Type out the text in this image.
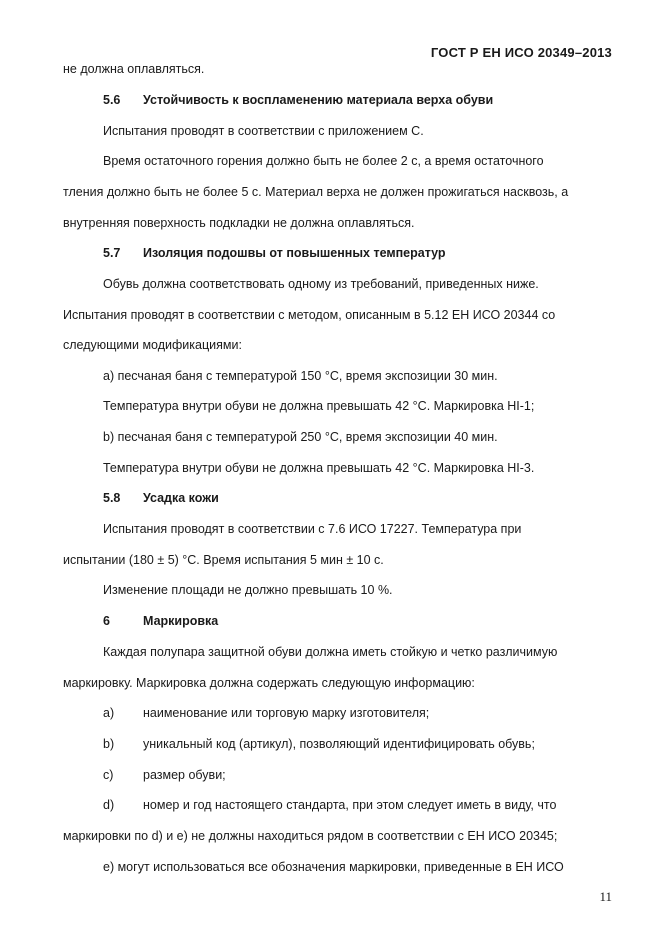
ГОСТ Р ЕН ИСО 20349–2013
не должна оплавляться.
5.6 Устойчивость к воспламенению материала верха обуви
Испытания проводят в соответствии с приложением С.
Время остаточного горения должно быть не более 2 с, а время остаточного
тления должно быть не более 5 с. Материал верха не должен прожигаться насквозь, а
внутренняя поверхность подкладки не должна оплавляться.
5.7 Изоляция подошвы от повышенных температур
Обувь должна соответствовать одному из требований, приведенных ниже.
Испытания проводят в соответствии с методом, описанным в 5.12 ЕН ИСО 20344 со
следующими модификациями:
а) песчаная баня с температурой 150 °С, время экспозиции 30 мин.
Температура внутри обуви не должна превышать 42 °С. Маркировка HI-1;
b) песчаная баня с температурой 250 °С, время экспозиции 40 мин.
Температура внутри обуви не должна превышать 42 °С. Маркировка HI-3.
5.8 Усадка кожи
Испытания проводят в соответствии с 7.6 ИСО 17227. Температура при
испытании (180 ± 5) °С. Время испытания 5 мин ± 10 с.
Изменение площади не должно превышать 10 %.
6	Маркировка
Каждая полупара защитной обуви должна иметь стойкую и четко различимую
маркировку. Маркировка должна содержать следующую информацию:
а) наименование или торговую марку изготовителя;
b) уникальный код (артикул), позволяющий идентифицировать обувь;
с) размер обуви;
d) номер и год настоящего стандарта, при этом следует иметь в виду, что
маркировки по d) и е) не должны находиться рядом в соответствии с ЕН ИСО 20345;
е) могут использоваться все обозначения маркировки, приведенные в ЕН ИСО
11
